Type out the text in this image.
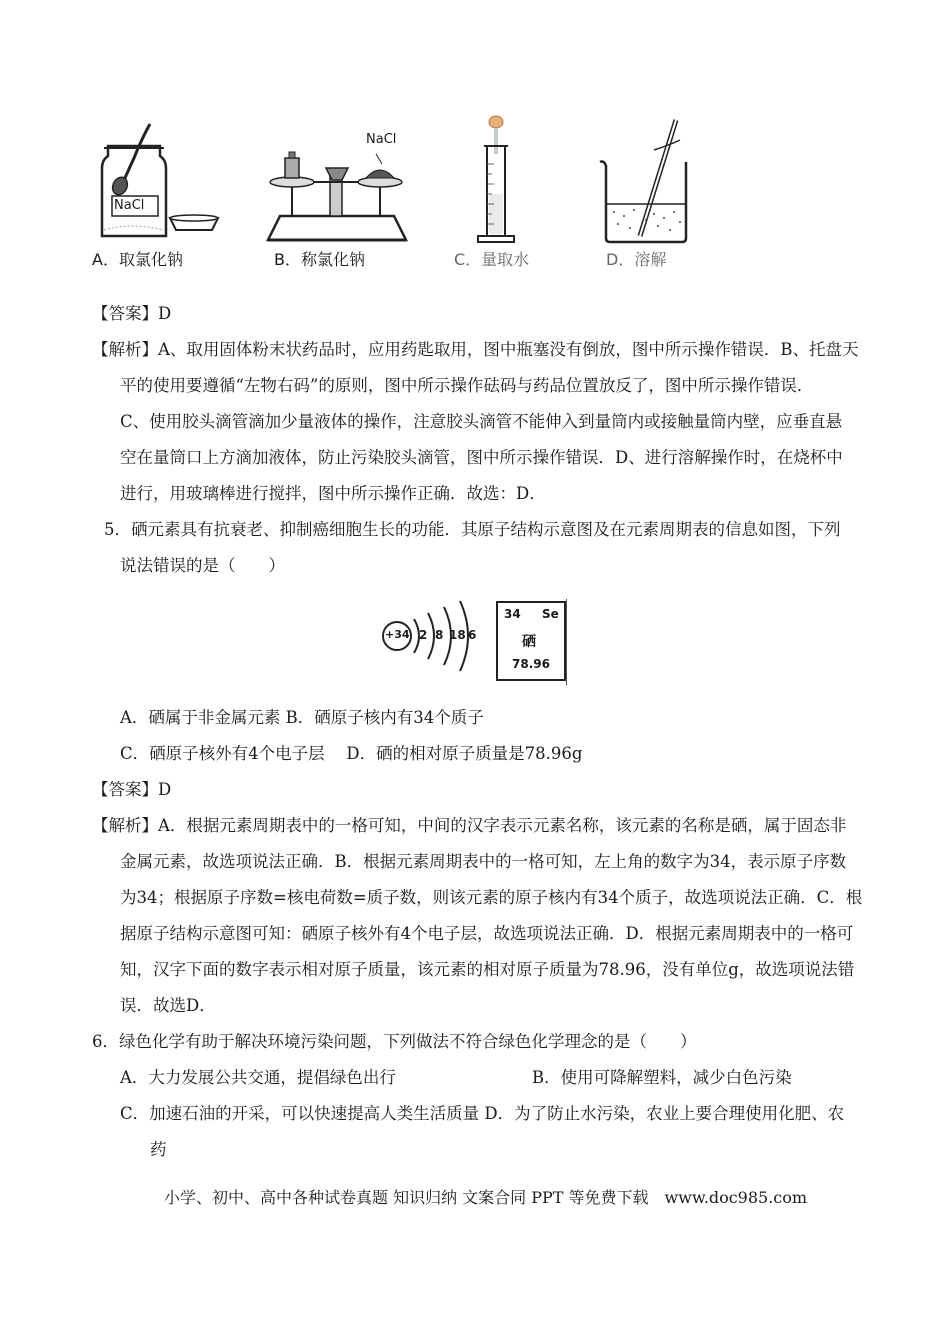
NaCl
NaCl
A．取氯化钠	B．称氯化钠	C．量取水	D．溶解
【答案】D
【解析】A、取用固体粉末状药品时，应用药匙取用，图中瓶塞没有倒放，图中所示操作错误．B、托盘天
平的使用要遵循“左物右码”的原则，图中所示操作砝码与药品位置放反了，图中所示操作错误．
C、使用胶头滴管滴加少量液体的操作，注意胶头滴管不能伸入到量筒内或接触量筒内壁，应垂直悬
空在量筒口上方滴加液体，防止污染胶头滴管，图中所示操作错误．D、进行溶解操作时，在烧杯中
进行，用玻璃棒进行搅拌，图中所示操作正确．故选：D．
5．硒元素具有抗衰老、抑制癌细胞生长的功能．其原子结构示意图及在元素周期表的信息如图，下列
说法错误的是（　　）
+34 2 8 18 6
34 Se
硒
78.96
A．硒属于非金属元素 B．硒原子核内有34个质子
C．硒原子核外有4个电子层　 D．硒的相对原子质量是78.96g
【答案】D
【解析】A．根据元素周期表中的一格可知，中间的汉字表示元素名称，该元素的名称是硒，属于固态非
金属元素，故选项说法正确．B．根据元素周期表中的一格可知，左上角的数字为34，表示原子序数
为34；根据原子序数=核电荷数=质子数，则该元素的原子核内有34个质子，故选项说法正确．C．根
据原子结构示意图可知：硒原子核外有4个电子层，故选项说法正确．D．根据元素周期表中的一格可
知，汉字下面的数字表示相对原子质量，该元素的相对原子质量为78.96，没有单位g，故选项说法错
误．故选D．
6．绿色化学有助于解决环境污染问题，下列做法不符合绿色化学理念的是（　　）
A．大力发展公共交通，提倡绿色出行	B．使用可降解塑料，减少白色污染
C．加速石油的开采，可以快速提高人类生活质量 D．为了防止水污染，农业上要合理使用化肥、农
药
小学、初中、高中各种试卷真题 知识归纳 文案合同 PPT 等免费下载　www.doc985.com
